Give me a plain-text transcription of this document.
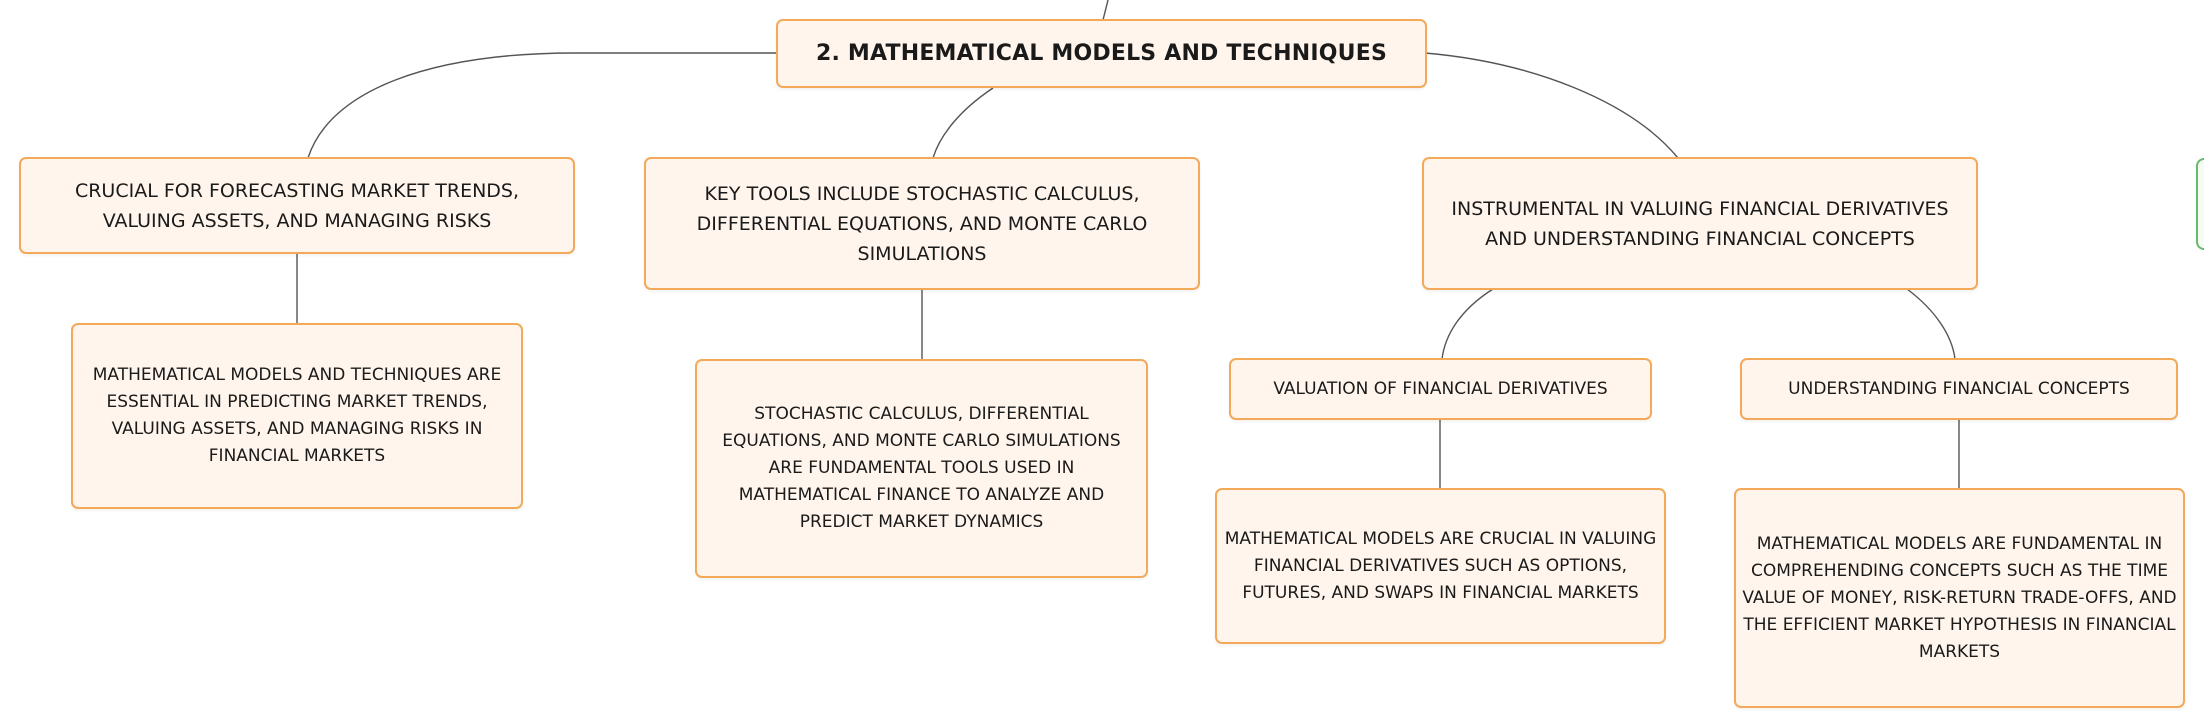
2. MATHEMATICAL MODELS AND TECHNIQUES
CRUCIAL FOR FORECASTING MARKET TRENDS, VALUING ASSETS, AND MANAGING RISKS
KEY TOOLS INCLUDE STOCHASTIC CALCULUS, DIFFERENTIAL EQUATIONS, AND MONTE CARLO SIMULATIONS
INSTRUMENTAL IN VALUING FINANCIAL DERIVATIVES AND UNDERSTANDING FINANCIAL CONCEPTS
MATHEMATICAL MODELS AND TECHNIQUES ARE ESSENTIAL IN PREDICTING MARKET TRENDS, VALUING ASSETS, AND MANAGING RISKS IN FINANCIAL MARKETS
STOCHASTIC CALCULUS, DIFFERENTIAL EQUATIONS, AND MONTE CARLO SIMULATIONS ARE FUNDAMENTAL TOOLS USED IN MATHEMATICAL FINANCE TO ANALYZE AND PREDICT MARKET DYNAMICS
VALUATION OF FINANCIAL DERIVATIVES	UNDERSTANDING FINANCIAL CONCEPTS
MATHEMATICAL MODELS ARE CRUCIAL IN VALUING FINANCIAL DERIVATIVES SUCH AS OPTIONS, FUTURES, AND SWAPS IN FINANCIAL MARKETS
MATHEMATICAL MODELS ARE FUNDAMENTAL IN COMPREHENDING CONCEPTS SUCH AS THE TIME VALUE OF MONEY, RISK-RETURN TRADE-OFFS, AND THE EFFICIENT MARKET HYPOTHESIS IN FINANCIAL MARKETS
